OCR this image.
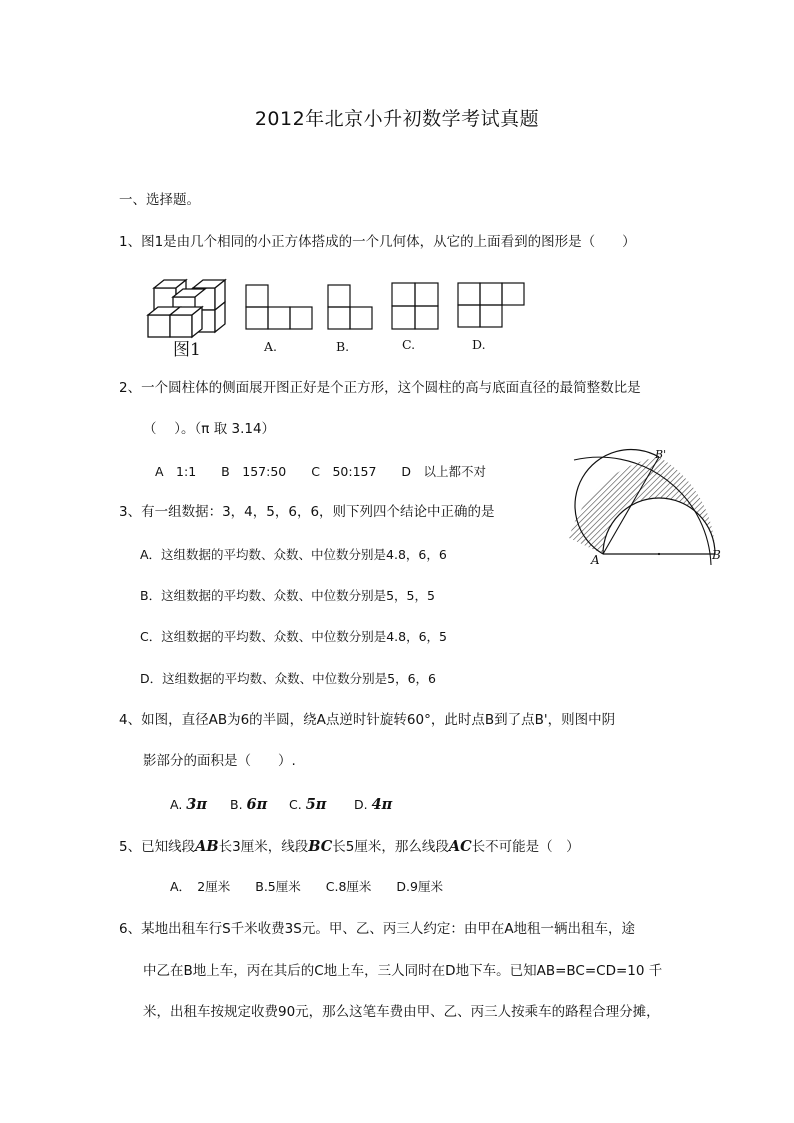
2012年北京小升初数学考试真题
一、选择题。
1、图1是由几个相同的小正方体搭成的一个几何体，从它的上面看到的图形是（　　）
图1	A.	B.	C.	D.
2、一个圆柱体的侧面展开图正好是个正方形，这个圆柱的高与底面直径的最简整数比是
（　 ）。（π 取 3.14）
A　1:1　　B　157:50　　C　50:157　　D　以上都不对
3、有一组数据：3，4，5，6，6，则下列四个结论中正确的是
A．这组数据的平均数、众数、中位数分别是4.8，6，6
B．这组数据的平均数、众数、中位数分别是5，5，5
C．这组数据的平均数、众数、中位数分别是4.8，6，5
D．这组数据的平均数、众数、中位数分别是5，6，6
A	B
B'
4、如图，直径AB为6的半圆，绕A点逆时针旋转60°，此时点B到了点B'，则图中阴
影部分的面积是（　　）.
A. 3π B. 6π C. 5π D. 4π
5、已知线段AB长3厘米，线段BC长5厘米，那么线段AC长不可能是（　）
A．　2厘米　　B.5厘米　　C.8厘米　　D.9厘米
6、某地出租车行S千米收费3S元。甲、乙、丙三人约定：由甲在A地租一辆出租车，途
中乙在B地上车，丙在其后的C地上车，三人同时在D地下车。已知AB=BC=CD=10 千
米，出租车按规定收费90元，那么这笔车费由甲、乙、丙三人按乘车的路程合理分摊，
